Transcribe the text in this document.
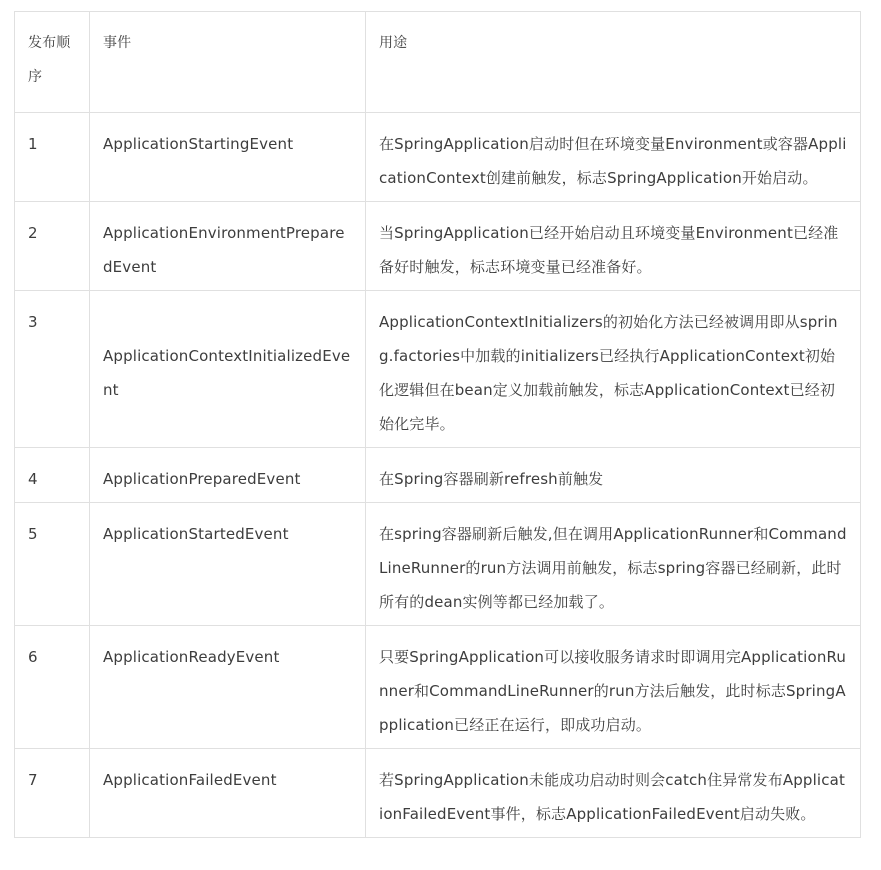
发布顺序	事件	用途
1	ApplicationStartingEvent	在SpringApplication启动时但在环境变量Environment或容器ApplicationContext创建前触发，标志SpringApplication开始启动。
2	ApplicationEnvironmentPreparedEvent	当SpringApplication已经开始启动且环境变量Environment已经准备好时触发，标志环境变量已经准备好。
3	ApplicationContextInitializedEvent	ApplicationContextInitializers的初始化方法已经被调用即从spring.factories中加载的initializers已经执行ApplicationContext初始化逻辑但在bean定义加载前触发，标志ApplicationContext已经初始化完毕。
4	ApplicationPreparedEvent	在Spring容器刷新refresh前触发
5	ApplicationStartedEvent	在spring容器刷新后触发,但在调用ApplicationRunner和CommandLineRunner的run方法调用前触发，标志spring容器已经刷新，此时所有的dean实例等都已经加载了。
6	ApplicationReadyEvent	只要SpringApplication可以接收服务请求时即调用完ApplicationRunner和CommandLineRunner的run方法后触发，此时标志SpringApplication已经正在运行，即成功启动。
7	ApplicationFailedEvent	若SpringApplication未能成功启动时则会catch住异常发布ApplicationFailedEvent事件，标志ApplicationFailedEvent启动失败。
